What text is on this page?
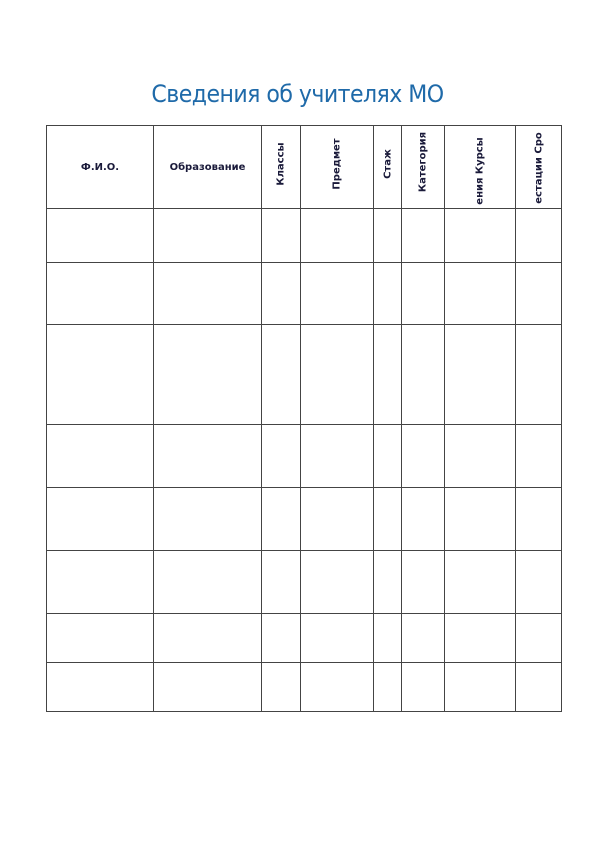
Сведения об учителях МО
Ф.И.О.	Образование	Классы	Предмет	Стаж	Категория	ения Курсы	естации Сро
